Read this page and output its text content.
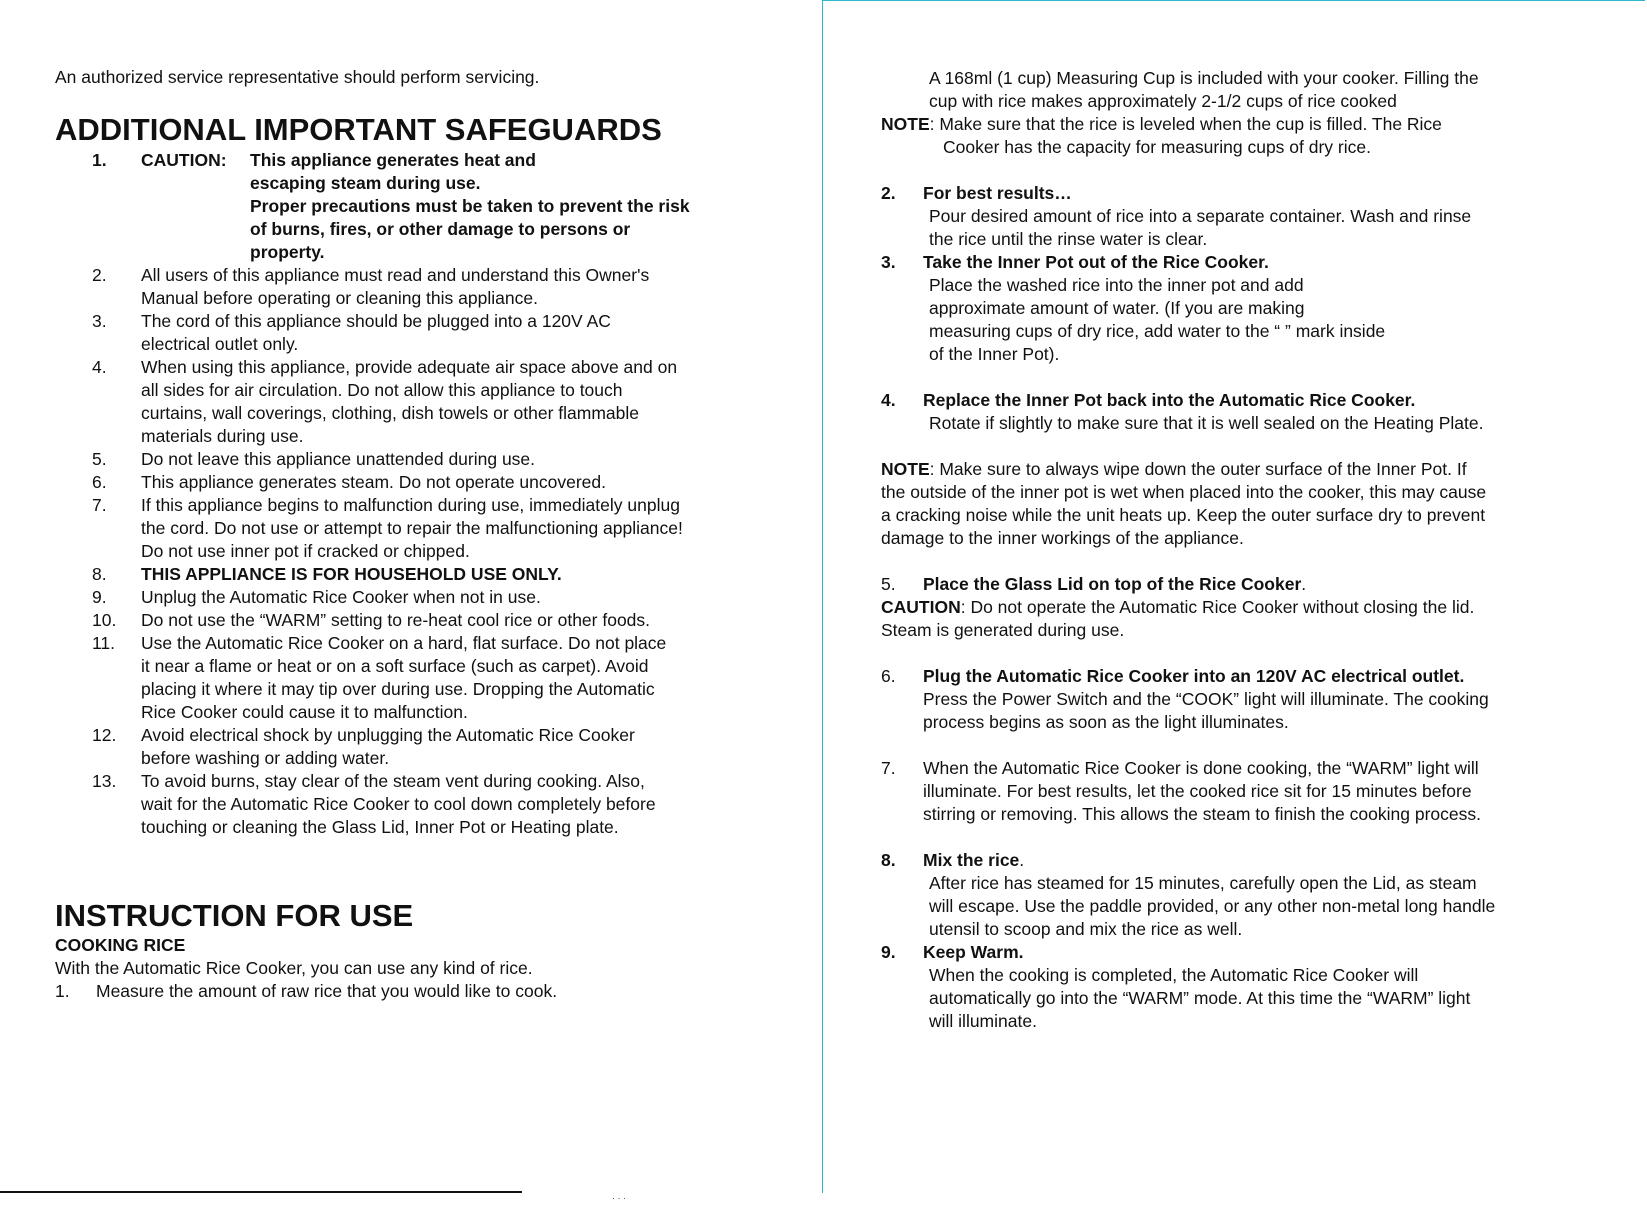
An authorized service representative should perform servicing.
ADDITIONAL IMPORTANT SAFEGUARDS
1. CAUTION: This appliance generates heat and
escaping steam during use.
Proper precautions must be taken to prevent the risk
of burns, fires, or other damage to persons or
property.
2. All users of this appliance must read and understand this Owner's
Manual before operating or cleaning this appliance.
3. The cord of this appliance should be plugged into a 120V AC
electrical outlet only.
4. When using this appliance, provide adequate air space above and on
all sides for air circulation. Do not allow this appliance to touch
curtains, wall coverings, clothing, dish towels or other flammable
materials during use.
5. Do not leave this appliance unattended during use.
6. This appliance generates steam. Do not operate uncovered.
7. If this appliance begins to malfunction during use, immediately unplug
the cord. Do not use or attempt to repair the malfunctioning appliance!
Do not use inner pot if cracked or chipped.
8. THIS APPLIANCE IS FOR HOUSEHOLD USE ONLY.
9. Unplug the Automatic Rice Cooker when not in use.
10. Do not use the “WARM” setting to re-heat cool rice or other foods.
11. Use the Automatic Rice Cooker on a hard, flat surface. Do not place
it near a flame or heat or on a soft surface (such as carpet). Avoid
placing it where it may tip over during use. Dropping the Automatic
Rice Cooker could cause it to malfunction.
12. Avoid electrical shock by unplugging the Automatic Rice Cooker
before washing or adding water.
13. To avoid burns, stay clear of the steam vent during cooking. Also,
wait for the Automatic Rice Cooker to cool down completely before
touching or cleaning the Glass Lid, Inner Pot or Heating plate.
INSTRUCTION FOR USE
COOKING RICE
With the Automatic Rice Cooker, you can use any kind of rice.
1. Measure the amount of raw rice that you would like to cook.
· · ·
A 168ml (1 cup) Measuring Cup is included with your cooker. Filling the
cup with rice makes approximately 2-1/2 cups of rice cooked
NOTE: Make sure that the rice is leveled when the cup is filled. The Rice
Cooker has the capacity for measuring cups of dry rice.
2. For best results…
Pour desired amount of rice into a separate container. Wash and rinse
the rice until the rinse water is clear.
3. Take the Inner Pot out of the Rice Cooker.
Place the washed rice into the inner pot and add
approximate amount of water. (If you are making
measuring cups of dry rice, add water to the “ ” mark inside
of the Inner Pot).
4. Replace the Inner Pot back into the Automatic Rice Cooker.
Rotate if slightly to make sure that it is well sealed on the Heating Plate.
NOTE: Make sure to always wipe down the outer surface of the Inner Pot. If
the outside of the inner pot is wet when placed into the cooker, this may cause
a cracking noise while the unit heats up. Keep the outer surface dry to prevent
damage to the inner workings of the appliance.
5. Place the Glass Lid on top of the Rice Cooker.
CAUTION: Do not operate the Automatic Rice Cooker without closing the lid.
Steam is generated during use.
6. Plug the Automatic Rice Cooker into an 120V AC electrical outlet.
Press the Power Switch and the “COOK” light will illuminate. The cooking
process begins as soon as the light illuminates.
7. When the Automatic Rice Cooker is done cooking, the “WARM” light will
illuminate. For best results, let the cooked rice sit for 15 minutes before
stirring or removing. This allows the steam to finish the cooking process.
8. Mix the rice.
After rice has steamed for 15 minutes, carefully open the Lid, as steam
will escape. Use the paddle provided, or any other non-metal long handle
utensil to scoop and mix the rice as well.
9. Keep Warm.
When the cooking is completed, the Automatic Rice Cooker will
automatically go into the “WARM” mode. At this time the “WARM” light
will illuminate.
